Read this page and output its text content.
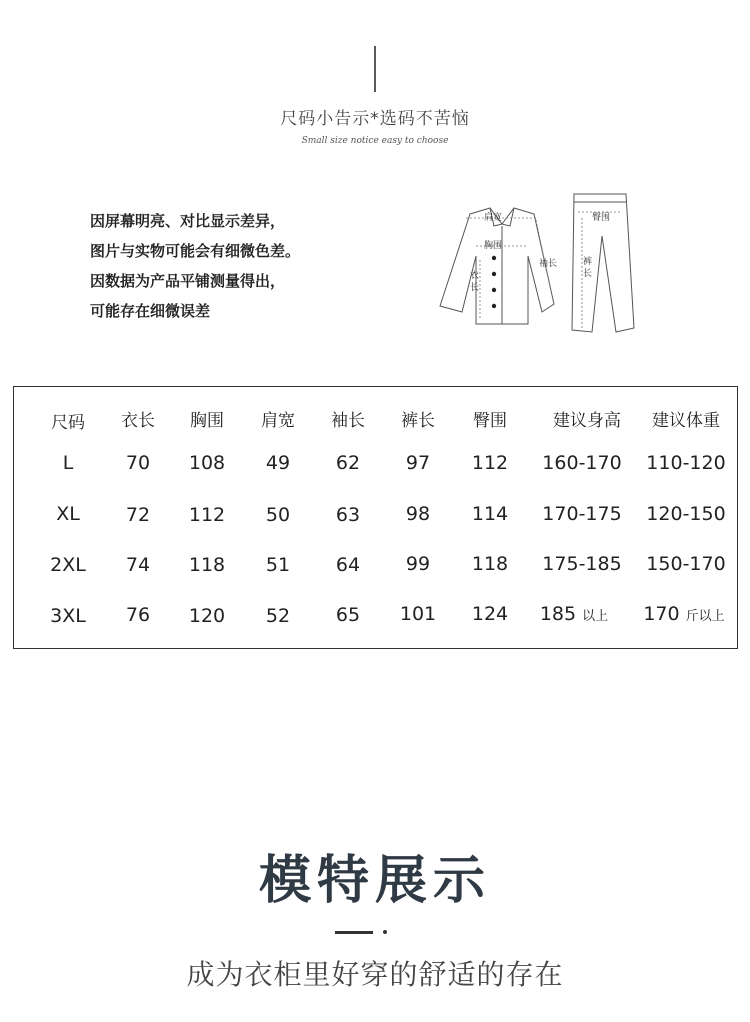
尺码小告示*选码不苦恼
Small size notice easy to choose
因屏幕明亮、对比显示差异，
图片与实物可能会有细微色差。
因数据为产品平铺测量得出，
可能存在细微误差
肩宽
胸围
袖长
衣
长
臀围
裤
长
尺码 衣长 胸围 肩宽 袖长 裤长 臀围	建议身高 建议体重
L	70 108 49 62 97 112 160-170 110-120
XL 72 112 50 63 98 114 170-175 120-150
2XL 74 118 51 64 99 118 175-185 150-170
3XL 76 120 52 65 101 124 185 以上 170 斤以上
模特展示
成为衣柜里好穿的舒适的存在
